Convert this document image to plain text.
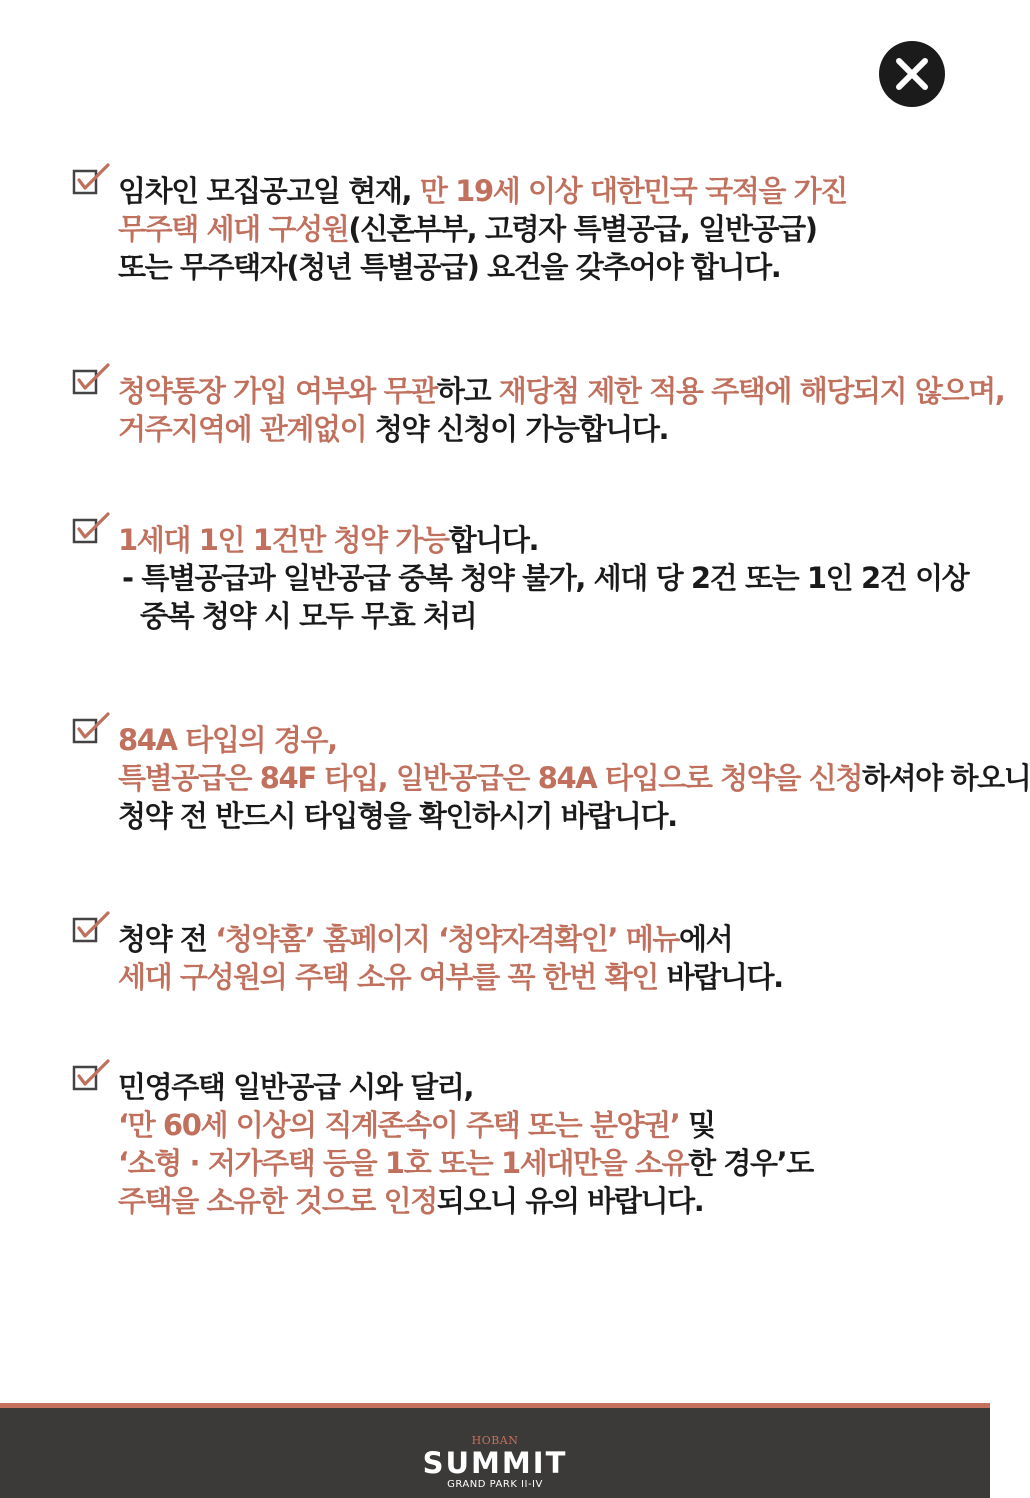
임차인 모집공고일 현재, 만 19세 이상 대한민국 국적을 가진
무주택 세대 구성원(신혼부부, 고령자 특별공급, 일반공급)
또는 무주택자(청년 특별공급) 요건을 갖추어야 합니다.
청약통장 가입 여부와 무관하고 재당첨 제한 적용 주택에 해당되지 않으며,
거주지역에 관계없이 청약 신청이 가능합니다.
1세대 1인 1건만 청약 가능합니다.
- 특별공급과 일반공급 중복 청약 불가, 세대 당 2건 또는 1인 2건 이상
중복 청약 시 모두 무효 처리
84A 타입의 경우,
특별공급은 84F 타입, 일반공급은 84A 타입으로 청약을 신청하셔야 하오니
청약 전 반드시 타입형을 확인하시기 바랍니다.
청약 전 ‘청약홈’ 홈페이지 ‘청약자격확인’ 메뉴에서
세대 구성원의 주택 소유 여부를 꼭 한번 확인 바랍니다.
민영주택 일반공급 시와 달리,
‘만 60세 이상의 직계존속이 주택 또는 분양권’ 및
‘소형 · 저가주택 등을 1호 또는 1세대만을 소유한 경우’도
주택을 소유한 것으로 인정되오니 유의 바랍니다.
HOBAN
SUMMIT
GRAND PARK II-IV
